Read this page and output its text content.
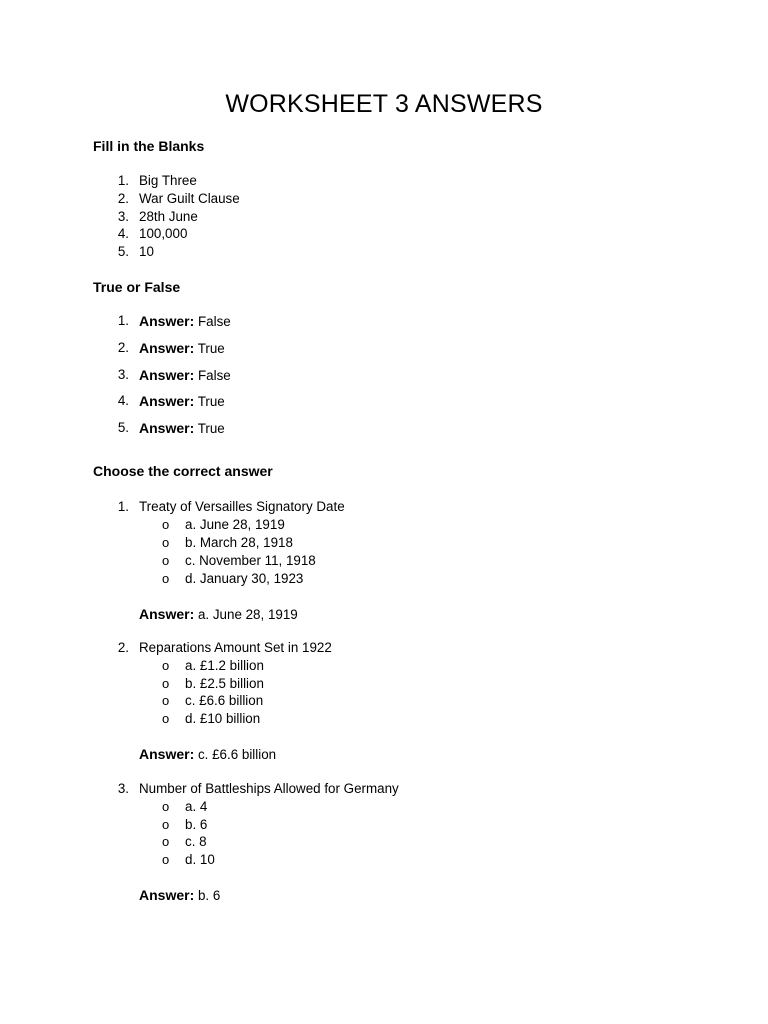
WORKSHEET 3 ANSWERS
Fill in the Blanks
1. Big Three
2. War Guilt Clause
3. 28th June
4. 100,000
5. 10
True or False
1. Answer: False
2. Answer: True
3. Answer: False
4. Answer: True
5. Answer: True
Choose the correct answer
1. Treaty of Versailles Signatory Date
o a. June 28, 1919
o b. March 28, 1918
o c. November 11, 1918
o d. January 30, 1923
Answer: a. June 28, 1919
2. Reparations Amount Set in 1922
o a. £1.2 billion
o b. £2.5 billion
o c. £6.6 billion
o d. £10 billion
Answer: c. £6.6 billion
3. Number of Battleships Allowed for Germany
o a. 4
o b. 6
o c. 8
o d. 10
Answer: b. 6
